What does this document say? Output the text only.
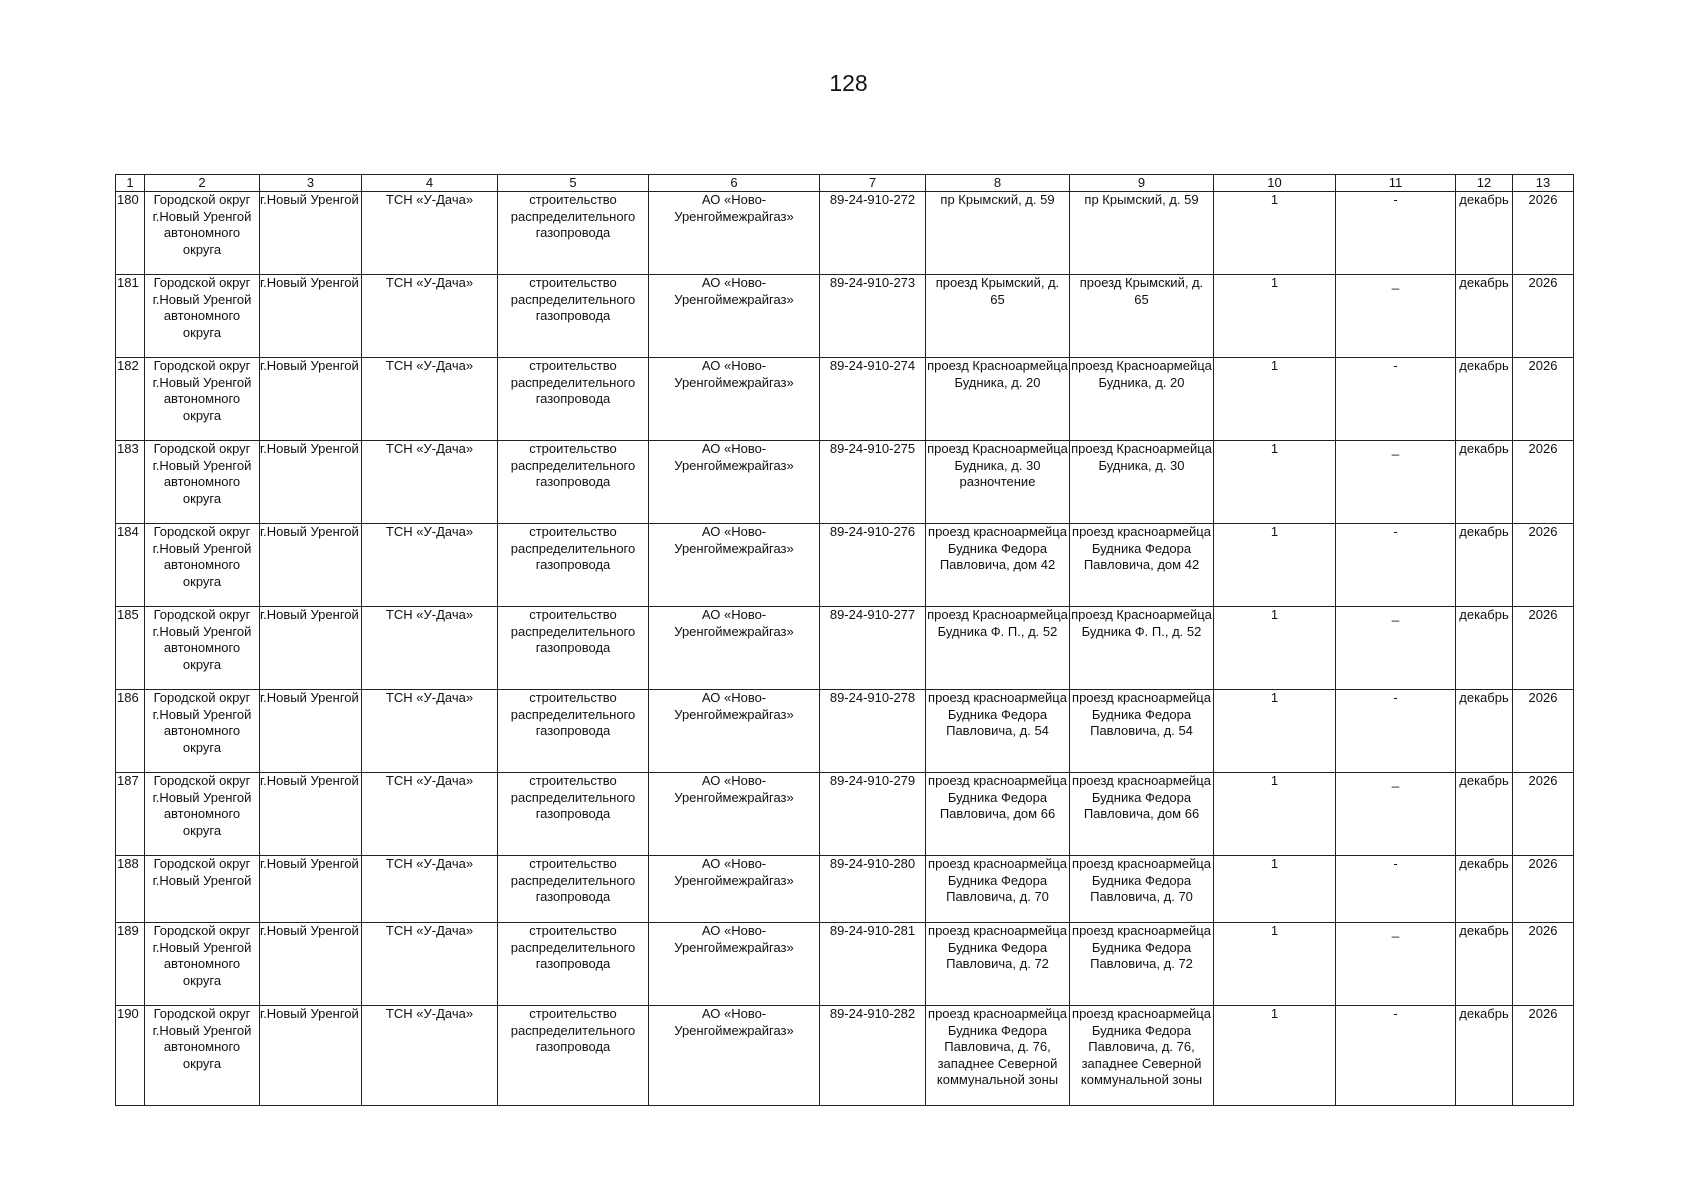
128
1	2	3	4	5	6	7	8	9	10	11	12	13
180	Городской округ г.Новый Уренгой автономного округа	г.Новый Уренгой	ТСН «У-Дача»	строительство распределительного газопровода	АО «Ново-Уренгоймежрайгаз»	89-24-910-272	пр Крымский, д. 59	пр Крымский, д. 59	1	-	декабрь	2026
181	Городской округ г.Новый Уренгой автономного округа	г.Новый Уренгой	ТСН «У-Дача»	строительство распределительного газопровода	АО «Ново-Уренгоймежрайгаз»	89-24-910-273	проезд Крымский, д. 65	проезд Крымский, д. 65	1	_	декабрь	2026
182	Городской округ г.Новый Уренгой автономного округа	г.Новый Уренгой	ТСН «У-Дача»	строительство распределительного газопровода	АО «Ново-Уренгоймежрайгаз»	89-24-910-274	проезд Красноармейца Будника, д. 20	проезд Красноармейца Будника, д. 20	1	-	декабрь	2026
183	Городской округ г.Новый Уренгой автономного округа	г.Новый Уренгой	ТСН «У-Дача»	строительство распределительного газопровода	АО «Ново-Уренгоймежрайгаз»	89-24-910-275	проезд Красноармейца Будника, д. 30 разночтение	проезд Красноармейца Будника, д. 30	1	_	декабрь	2026
184	Городской округ г.Новый Уренгой автономного округа	г.Новый Уренгой	ТСН «У-Дача»	строительство распределительного газопровода	АО «Ново-Уренгоймежрайгаз»	89-24-910-276	проезд красноармейца Будника Федора Павловича, дом 42	проезд красноармейца Будника Федора Павловича, дом 42	1	-	декабрь	2026
185	Городской округ г.Новый Уренгой автономного округа	г.Новый Уренгой	ТСН «У-Дача»	строительство распределительного газопровода	АО «Ново-Уренгоймежрайгаз»	89-24-910-277	проезд Красноармейца Будника Ф. П., д. 52	проезд Красноармейца Будника Ф. П., д. 52	1	_	декабрь	2026
186	Городской округ г.Новый Уренгой автономного округа	г.Новый Уренгой	ТСН «У-Дача»	строительство распределительного газопровода	АО «Ново-Уренгоймежрайгаз»	89-24-910-278	проезд красноармейца Будника Федора Павловича, д. 54	проезд красноармейца Будника Федора Павловича, д. 54	1	-	декабрь	2026
187	Городской округ г.Новый Уренгой автономного округа	г.Новый Уренгой	ТСН «У-Дача»	строительство распределительного газопровода	АО «Ново-Уренгоймежрайгаз»	89-24-910-279	проезд красноармейца Будника Федора Павловича, дом 66	проезд красноармейца Будника Федора Павловича, дом 66	1	_	декабрь	2026
188	Городской округ г.Новый Уренгой	г.Новый Уренгой	ТСН «У-Дача»	строительство распределительного газопровода	АО «Ново-Уренгоймежрайгаз»	89-24-910-280	проезд красноармейца Будника Федора Павловича, д. 70	проезд красноармейца Будника Федора Павловича, д. 70	1	-	декабрь	2026
189	Городской округ г.Новый Уренгой автономного округа	г.Новый Уренгой	ТСН «У-Дача»	строительство распределительного газопровода	АО «Ново-Уренгоймежрайгаз»	89-24-910-281	проезд красноармейца Будника Федора Павловича, д. 72	проезд красноармейца Будника Федора Павловича, д. 72	1	_	декабрь	2026
190	Городской округ г.Новый Уренгой автономного округа	г.Новый Уренгой	ТСН «У-Дача»	строительство распределительного газопровода	АО «Ново-Уренгоймежрайгаз»	89-24-910-282	проезд красноармейца Будника Федора Павловича, д. 76, западнее Северной коммунальной зоны	проезд красноармейца Будника Федора Павловича, д. 76, западнее Северной коммунальной зоны	1	-	декабрь	2026
